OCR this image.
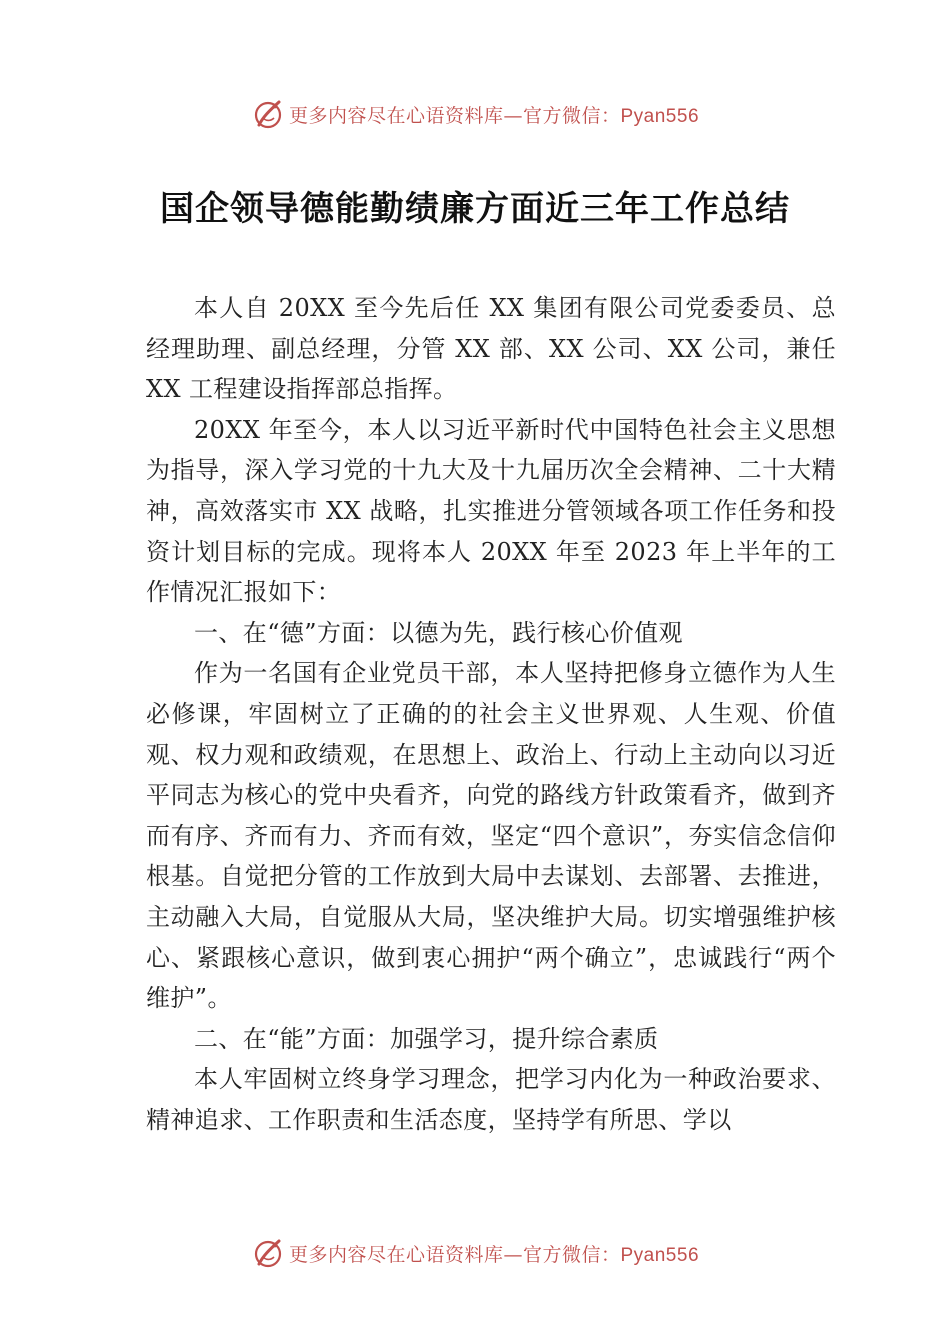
更多内容尽在心语资料库—官方微信：Pyan556
国企领导德能勤绩廉方面近三年工作总结

本人自 20XX 至今先后任 XX 集团有限公司党委委员、总经理助理、副总经理，分管 XX 部、XX 公司、XX 公司，兼任 XX 工程建设指挥部总指挥。

20XX 年至今，本人以习近平新时代中国特色社会主义思想为指导，深入学习党的十九大及十九届历次全会精神、二十大精神，高效落实市 XX 战略，扎实推进分管领域各项工作任务和投资计划目标的完成。现将本人 20XX 年至 2023 年上半年的工作情况汇报如下：

一、在“德”方面：以德为先，践行核心价值观

作为一名国有企业党员干部，本人坚持把修身立德作为人生必修课，牢固树立了正确的的社会主义世界观、人生观、价值观、权力观和政绩观，在思想上、政治上、行动上主动向以习近平同志为核心的党中央看齐，向党的路线方针政策看齐，做到齐而有序、齐而有力、齐而有效，坚定“四个意识”，夯实信念信仰根基。自觉把分管的工作放到大局中去谋划、去部署、去推进，主动融入大局，自觉服从大局，坚决维护大局。切实增强维护核心、紧跟核心意识，做到衷心拥护“两个确立”，忠诚践行“两个维护”。

二、在“能”方面：加强学习，提升综合素质

本人牢固树立终身学习理念，把学习内化为一种政治要求、精神追求、工作职责和生活态度，坚持学有所思、学以

更多内容尽在心语资料库—官方微信：Pyan556
